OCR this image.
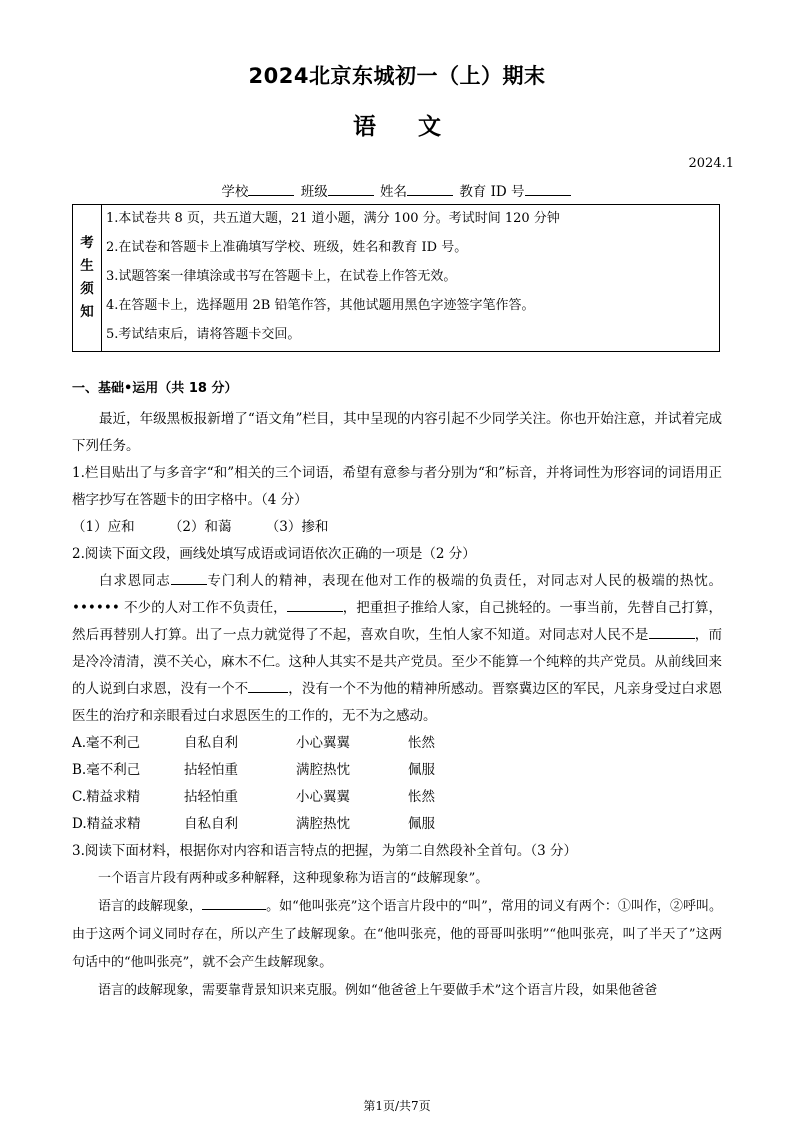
2024北京东城初一（上）期末
语文
2024.1
学校	班级	姓名	教育 ID 号
考
生
须
知
1.本试卷共 8 页，共五道大题，21 道小题，满分 100 分。考试时间 120 分钟
2.在试卷和答题卡上准确填写学校、班级，姓名和教育 ID 号。
3.试题答案一律填涂或书写在答题卡上，在试卷上作答无效。
4.在答题卡上，选择题用 2B 铅笔作答，其他试题用黑色字迹签字笔作答。
5.考试结束后，请将答题卡交回。
一、基础•运用（共 18 分）
最近，年级黑板报新增了“语文角”栏目，其中呈现的内容引起不少同学关注。你也开始注意，并试着完成下列任务。
1.栏目贴出了与多音字“和”相关的三个词语，希望有意参与者分别为“和”标音，并将词性为形容词的词语用正楷字抄写在答题卡的田字格中。（4 分）
（1）应和	（2）和蔼	（3）掺和
2.阅读下面文段，画线处填写成语或词语依次正确的一项是（2 分）
白求恩同志	专门利人的精神，表现在他对工作的极端的负责任，对同志对人民的极端的热忱。•••••• 不少的人对工作不负责任，	，把重担子推给人家，自己挑轻的。一事当前，先替自己打算，然后再替别人打算。出了一点力就觉得了不起，喜欢自吹，生怕人家不知道。对同志对人民不是	，而是冷冷清清，漠不关心，麻木不仁。这种人其实不是共产党员。至少不能算一个纯粹的共产党员。从前线回来的人说到白求恩，没有一个不	，没有一个不为他的精神所感动。晋察冀边区的军民，凡亲身受过白求恩医生的治疗和亲眼看过白求恩医生的工作的，无不为之感动。
A.毫不利己	自私自利	小心翼翼	怅然
B.毫不利己	拈轻怕重	满腔热忱	佩服
C.精益求精	拈轻怕重	小心翼翼	怅然
D.精益求精	自私自利	满腔热忱	佩服
3.阅读下面材料，根据你对内容和语言特点的把握，为第二自然段补全首句。（3 分）
一个语言片段有两种或多种解释，这种现象称为语言的“歧解现象”。
语言的歧解现象，	。如“他叫张亮”这个语言片段中的“叫”，常用的词义有两个：①叫作，②呼叫。由于这两个词义同时存在，所以产生了歧解现象。在“他叫张亮，他的哥哥叫张明”“他叫张亮，叫了半天了”这两句话中的“他叫张亮”，就不会产生歧解现象。
语言的歧解现象，需要靠背景知识来克服。例如“他爸爸上午要做手术”这个语言片段，如果他爸爸
第1页/共7页
